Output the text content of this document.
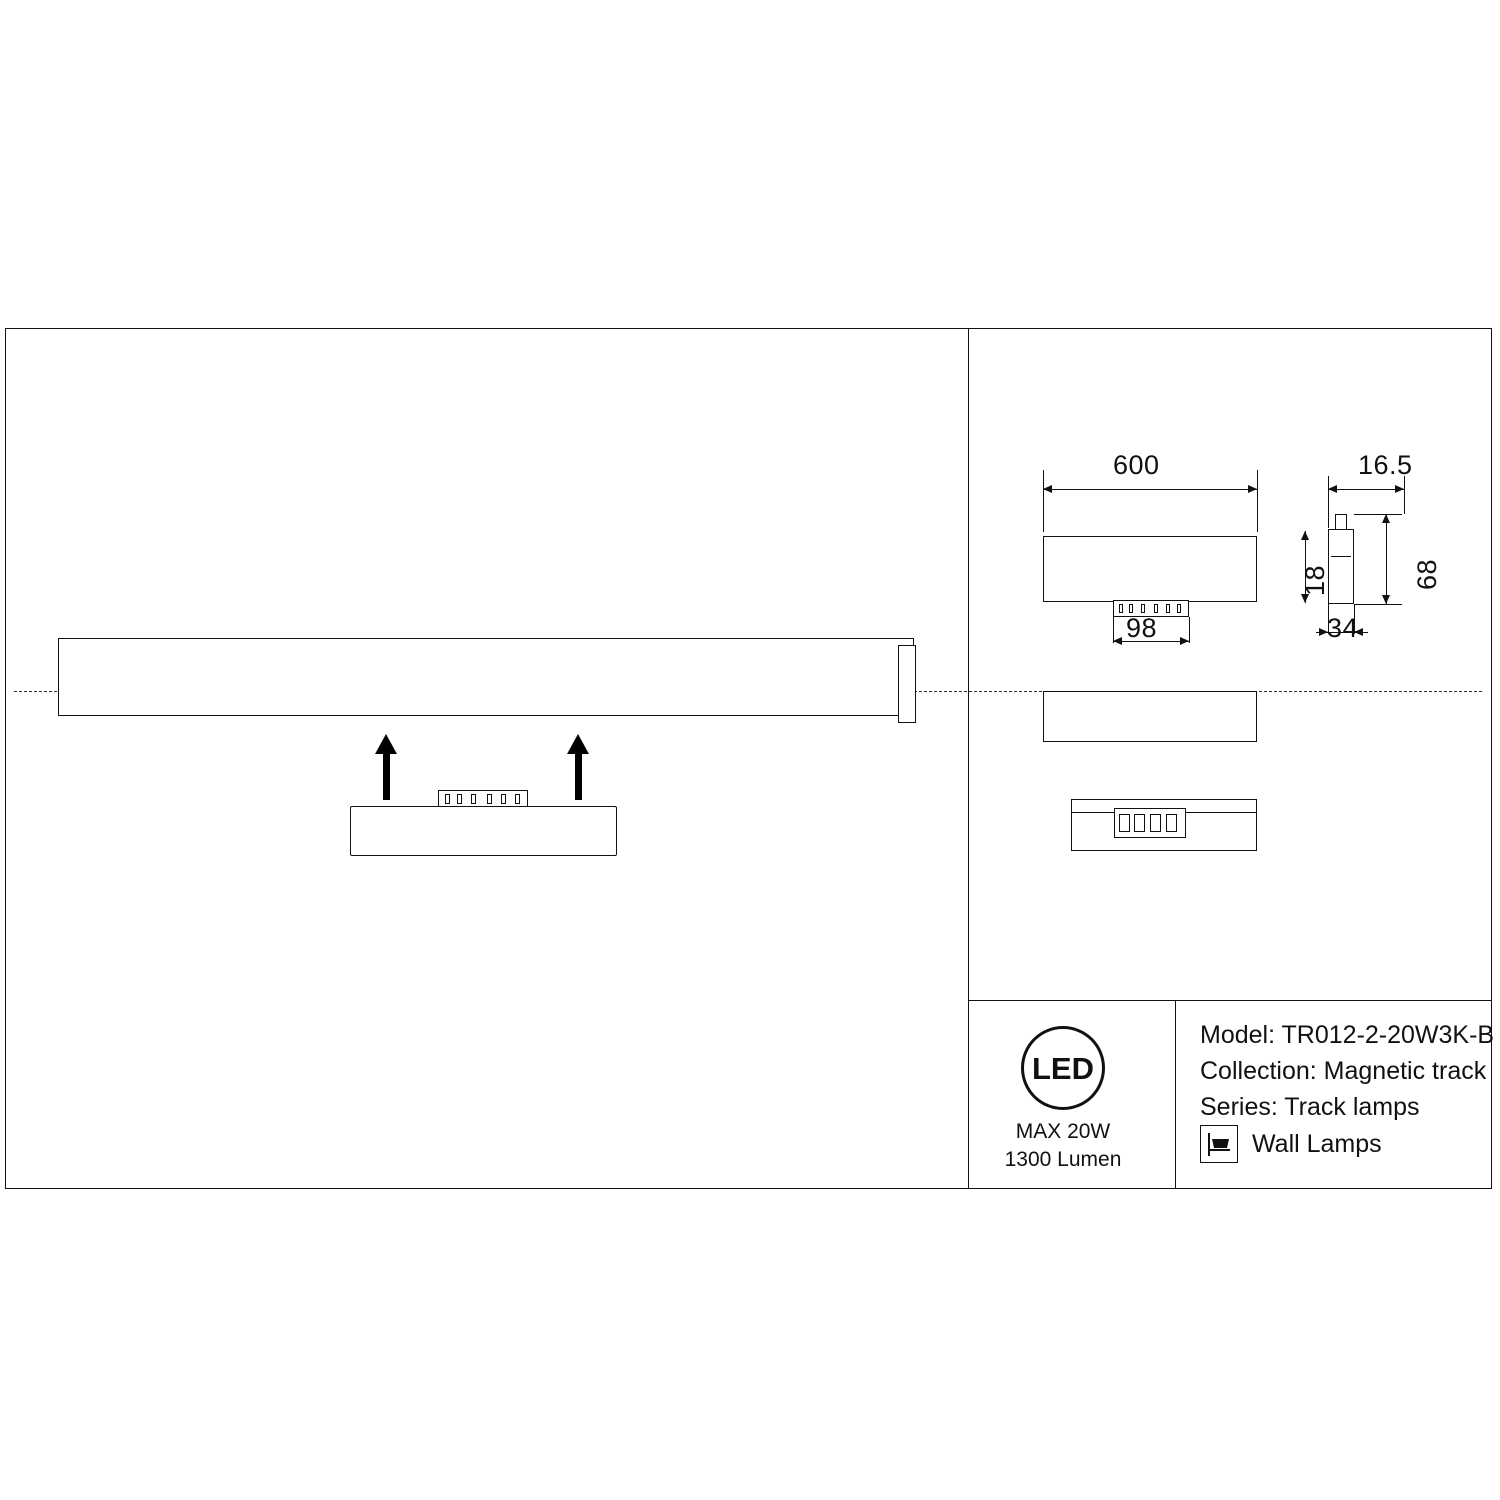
600
98
16.5
68
18
34
LED
MAX 20W
1300 Lumen
Model: TR012-2-20W3K-B
Collection: Magnetic track
Series: Track lamps
Wall Lamps
